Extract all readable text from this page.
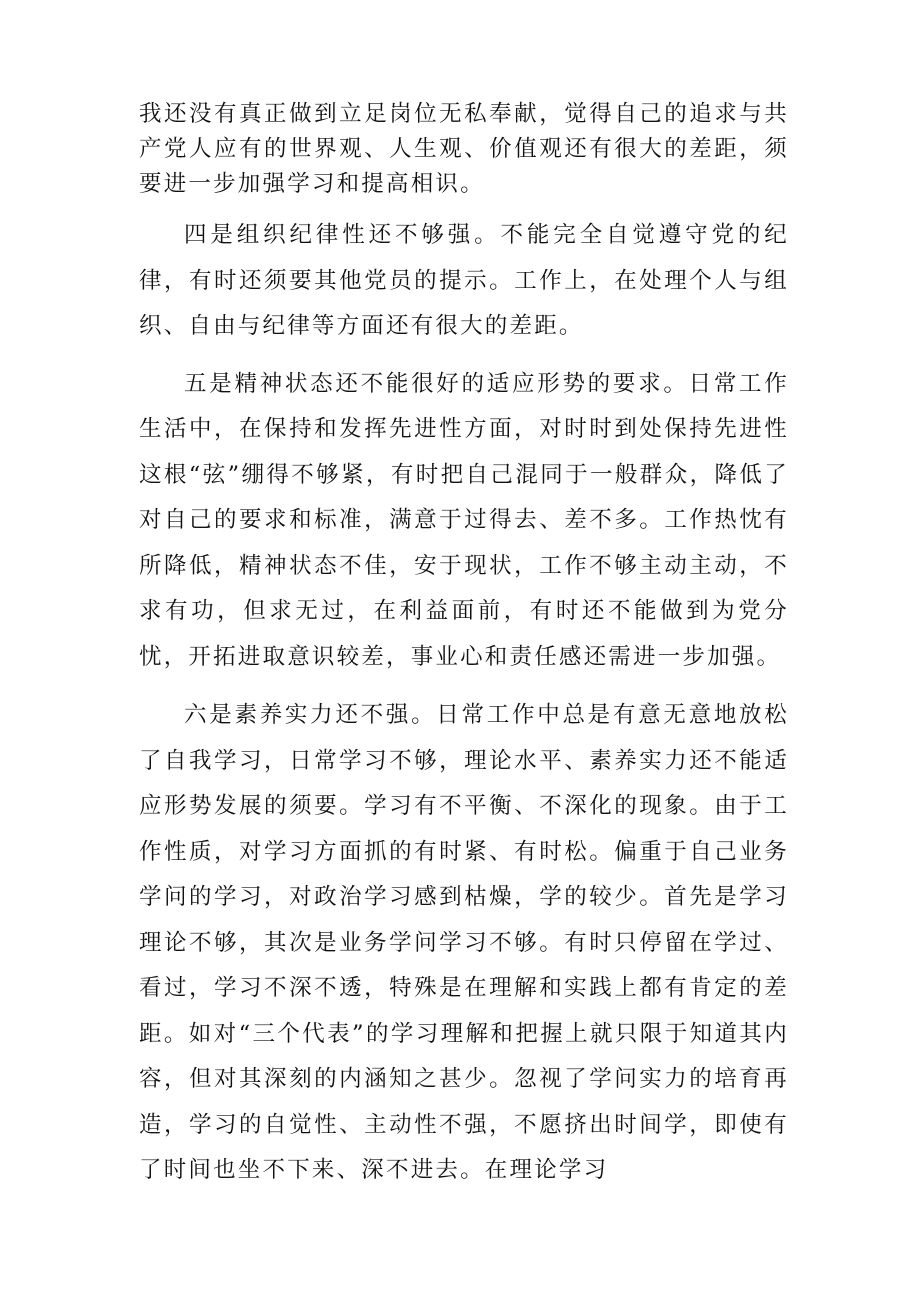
我还没有真正做到立足岗位无私奉献，觉得自己的追求与共产党人应有的世界观、人生观、价值观还有很大的差距，须要进一步加强学习和提高相识。

四是组织纪律性还不够强。不能完全自觉遵守党的纪律，有时还须要其他党员的提示。工作上，在处理个人与组织、自由与纪律等方面还有很大的差距。

五是精神状态还不能很好的适应形势的要求。日常工作生活中，在保持和发挥先进性方面，对时时到处保持先进性这根“弦”绷得不够紧，有时把自己混同于一般群众，降低了对自己的要求和标准，满意于过得去、差不多。工作热忱有所降低，精神状态不佳，安于现状，工作不够主动主动，不求有功，但求无过，在利益面前，有时还不能做到为党分忧，开拓进取意识较差，事业心和责任感还需进一步加强。

六是素养实力还不强。日常工作中总是有意无意地放松了自我学习，日常学习不够，理论水平、素养实力还不能适应形势发展的须要。学习有不平衡、不深化的现象。由于工作性质，对学习方面抓的有时紧、有时松。偏重于自己业务学问的学习，对政治学习感到枯燥，学的较少。首先是学习理论不够，其次是业务学问学习不够。有时只停留在学过、看过，学习不深不透，特殊是在理解和实践上都有肯定的差距。如对“三个代表”的学习理解和把握上就只限于知道其内容，但对其深刻的内涵知之甚少。忽视了学问实力的培育再造，学习的自觉性、主动性不强，不愿挤出时间学，即使有了时间也坐不下来、深不进去。在理论学习
